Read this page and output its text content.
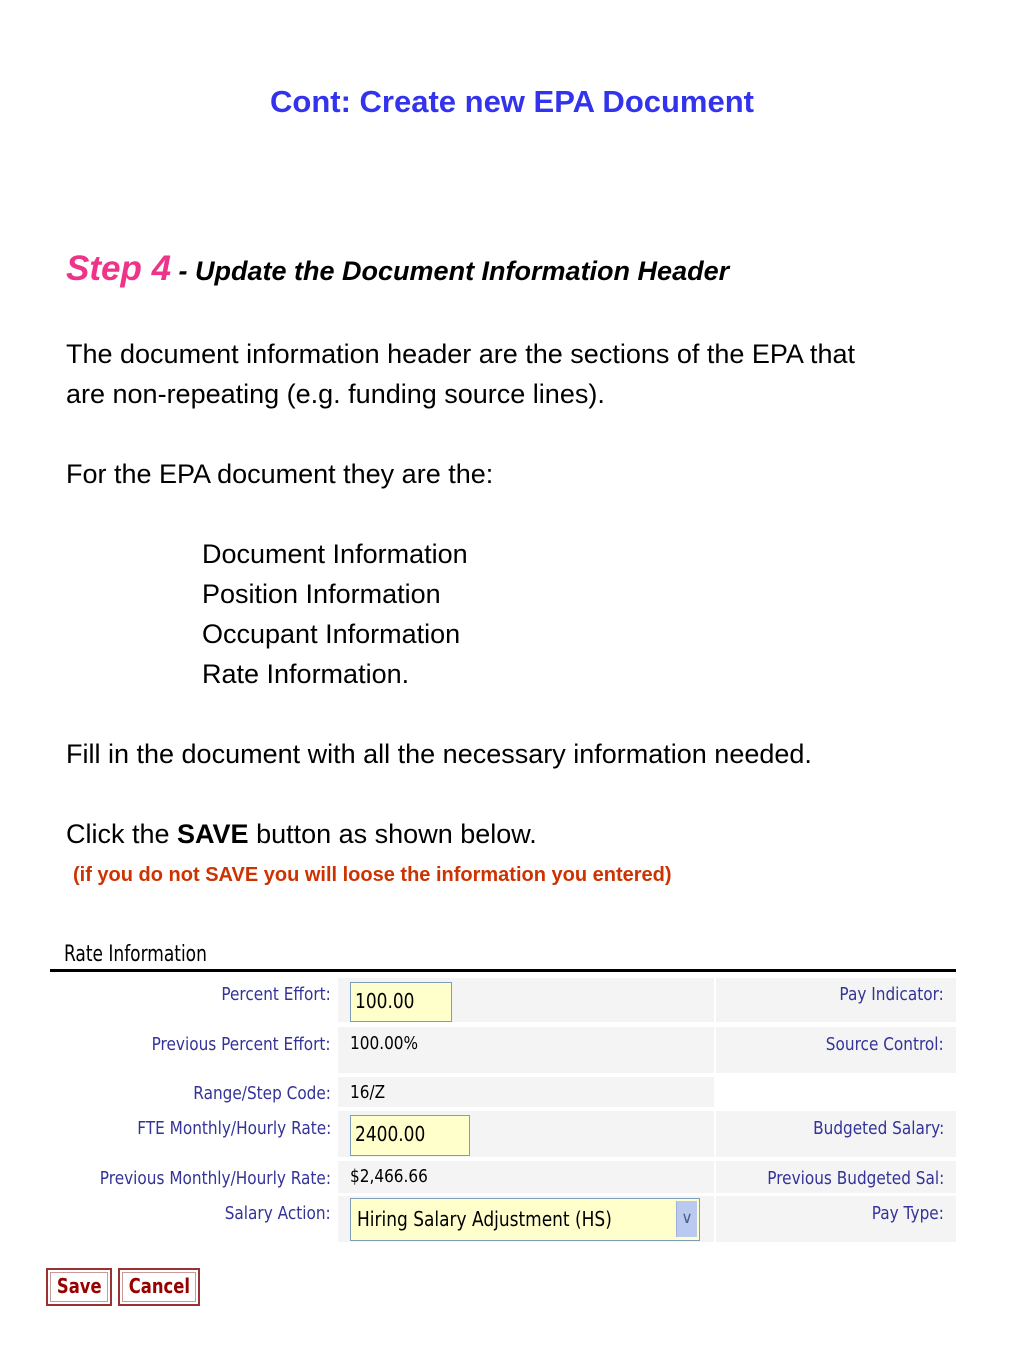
Cont: Create new EPA Document
Step 4 - Update the Document Information Header
The document information header are the sections of the EPA that
are non-repeating (e.g. funding source lines).
For the EPA document they are the:
Document Information
Position Information
Occupant Information
Rate Information.
Fill in the document with all the necessary information needed.
Click the SAVE button as shown below.
(if you do not SAVE you will loose the information you entered)
Rate Information
Percent Effort:
Previous Percent Effort:
Range/Step Code:
FTE Monthly/Hourly Rate:
Previous Monthly/Hourly Rate:
Salary Action:
Pay Indicator:
Source Control:
Budgeted Salary:
Previous Budgeted Sal:
Pay Type:
100.00
100.00%
16/Z
2400.00
$2,466.66
Hiring Salary Adjustment (HS)	∨
Save	Cancel
